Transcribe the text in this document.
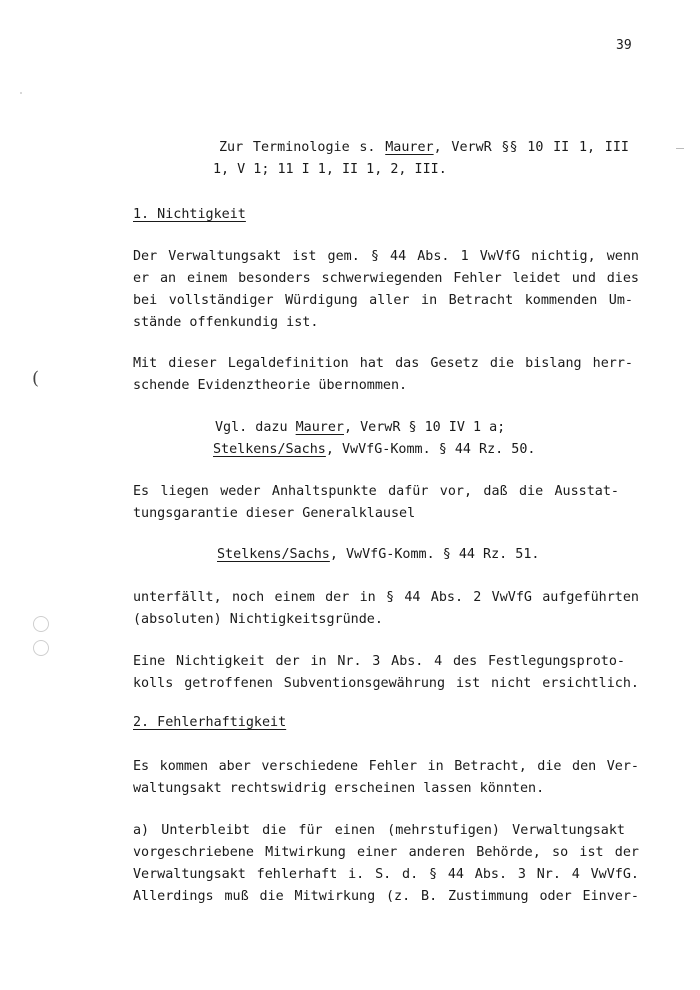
39
Zur Terminologie s. Maurer, VerwR §§ 10 II 1, III
1, V 1; 11 I 1, II 1, 2, III.
1. Nichtigkeit
Der Verwaltungsakt ist gem. § 44 Abs. 1 VwVfG nichtig, wenn
er an einem besonders schwerwiegenden Fehler leidet und dies
bei vollständiger Würdigung aller in Betracht kommenden Um-
stände offenkundig ist.
Mit dieser Legaldefinition hat das Gesetz die bislang herr-
schende Evidenztheorie übernommen.
Vgl. dazu Maurer, VerwR § 10 IV 1 a;
Stelkens/Sachs, VwVfG-Komm. § 44 Rz. 50.
Es liegen weder Anhaltspunkte dafür vor, daß die Ausstat-
tungsgarantie dieser Generalklausel
Stelkens/Sachs, VwVfG-Komm. § 44 Rz. 51.
unterfällt, noch einem der in § 44 Abs. 2 VwVfG aufgeführten
(absoluten) Nichtigkeitsgründe.
Eine Nichtigkeit der in Nr. 3 Abs. 4 des Festlegungsproto-
kolls getroffenen Subventionsgewährung ist nicht ersichtlich.
2. Fehlerhaftigkeit
Es kommen aber verschiedene Fehler in Betracht, die den Ver-
waltungsakt rechtswidrig erscheinen lassen könnten.
a) Unterbleibt die für einen (mehrstufigen) Verwaltungsakt
vorgeschriebene Mitwirkung einer anderen Behörde, so ist der
Verwaltungsakt fehlerhaft i. S. d. § 44 Abs. 3 Nr. 4 VwVfG.
Allerdings muß die Mitwirkung (z. B. Zustimmung oder Einver-
(
